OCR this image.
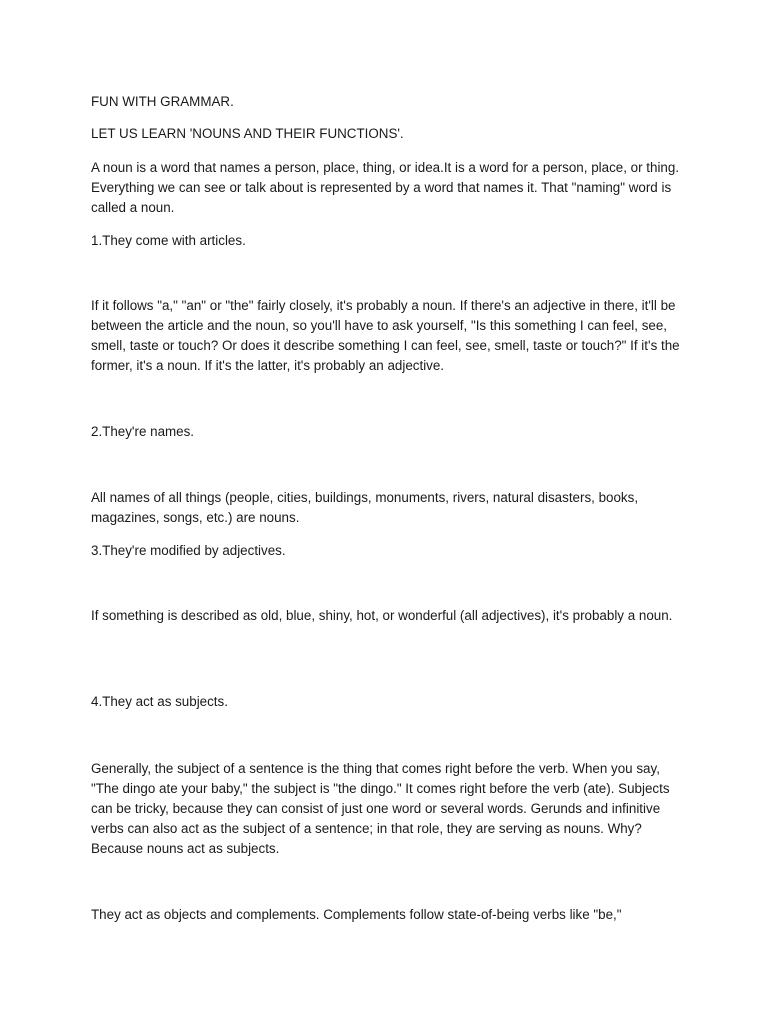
FUN WITH GRAMMAR.

LET US LEARN 'NOUNS AND THEIR FUNCTIONS'.

A noun is a word that names a person, place, thing, or idea.It is a word for a person, place, or thing. Everything we can see or talk about is represented by a word that names it. That "naming" word is called a noun.

1.They come with articles.

If it follows "a," "an" or "the" fairly closely, it's probably a noun. If there's an adjective in there, it'll be between the article and the noun, so you'll have to ask yourself, "Is this something I can feel, see, smell, taste or touch? Or does it describe something I can feel, see, smell, taste or touch?" If it's the former, it's a noun. If it's the latter, it's probably an adjective.

2.They're names.

All names of all things (people, cities, buildings, monuments, rivers, natural disasters, books, magazines, songs, etc.) are nouns.

3.They're modified by adjectives.

If something is described as old, blue, shiny, hot, or wonderful (all adjectives), it's probably a noun.

4.They act as subjects.

Generally, the subject of a sentence is the thing that comes right before the verb. When you say, "The dingo ate your baby," the subject is "the dingo." It comes right before the verb (ate). Subjects can be tricky, because they can consist of just one word or several words. Gerunds and infinitive verbs can also act as the subject of a sentence; in that role, they are serving as nouns. Why? Because nouns act as subjects.

They act as objects and complements. Complements follow state-of-being verbs like "be,"
